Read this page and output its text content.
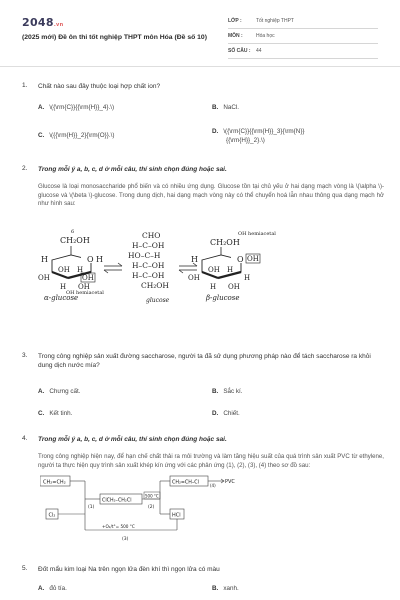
2048.vn
(2025 mới) Đề ôn thi tốt nghiệp THPT môn Hóa (Đề số 10)
LỚP :	Tốt nghiệp THPT
MÔN :	Hóa học
SỐ CÂU : 44
1. Chất nào sau đây thuộc loại hợp chất ion?
A. \({\rm{C}}{{\rm{H}}_4}.\)	B. NaCl.
C. \({{\rm{H}}_2}{\rm{O}}.\)
D. \({\rm{C}}{{\rm{H}}_3}{\rm{N}}
{{\rm{H}}_2}.\)
2. Trong mỗi ý a, b, c, d ở mỗi câu, thí sinh chọn đúng hoặc sai.
Glucose là loại monosaccharide phổ biến và có nhiều ứng dụng. Glucose tồn tại chủ yếu ở hai dạng mạch vòng là \(\alpha \)-glucose và \(\beta \)-glucose. Trong dung dịch, hai dạng mạch vòng này có thể chuyển hoá lẫn nhau thông qua dạng mạch hở như hình sau:
CH₂OH
6
O
H	H
OH H
OH	OH
H OH
α-glucose
OH hemiacetal
CHO
H–C–OH
HO–C–H
H–C–OH
H–C–OH
CH₂OH
glucose
OH hemiacetal
CH₂OH
O OH
H
OH H
OH	H
H OH
β-glucose
3. Trong công nghiệp sản xuất đường saccharose, người ta đã sử dụng phương pháp nào để tách saccharose ra khỏi dung dịch nước mía?
A. Chưng cất.	B. Sắc kí.
C. Kết tinh.	D. Chiết.
4. Trong mỗi ý a, b, c, d ở mỗi câu, thí sinh chọn đúng hoặc sai.
Trong công nghiệp hiện nay, để hạn chế chất thải ra môi trường và làm tăng hiệu suất của quá trình sản xuất PVC từ ethylene, người ta thực hiện quy trình sản xuất khép kín ứng với các phản ứng (1), (2), (3), (4) theo sơ đồ sau:
CH₂=CH₂
Cl₂
(1)
ClCH₂–CH₂Cl
500 °C
(2)
CH₂=CH–Cl	PVC
(4)
HCl
+O₂/t°= 500 °C
(3)
5. Đốt mẩu kim loại Na trên ngọn lửa đèn khí thì ngọn lửa có màu
A. đỏ tía.	B. xanh.
